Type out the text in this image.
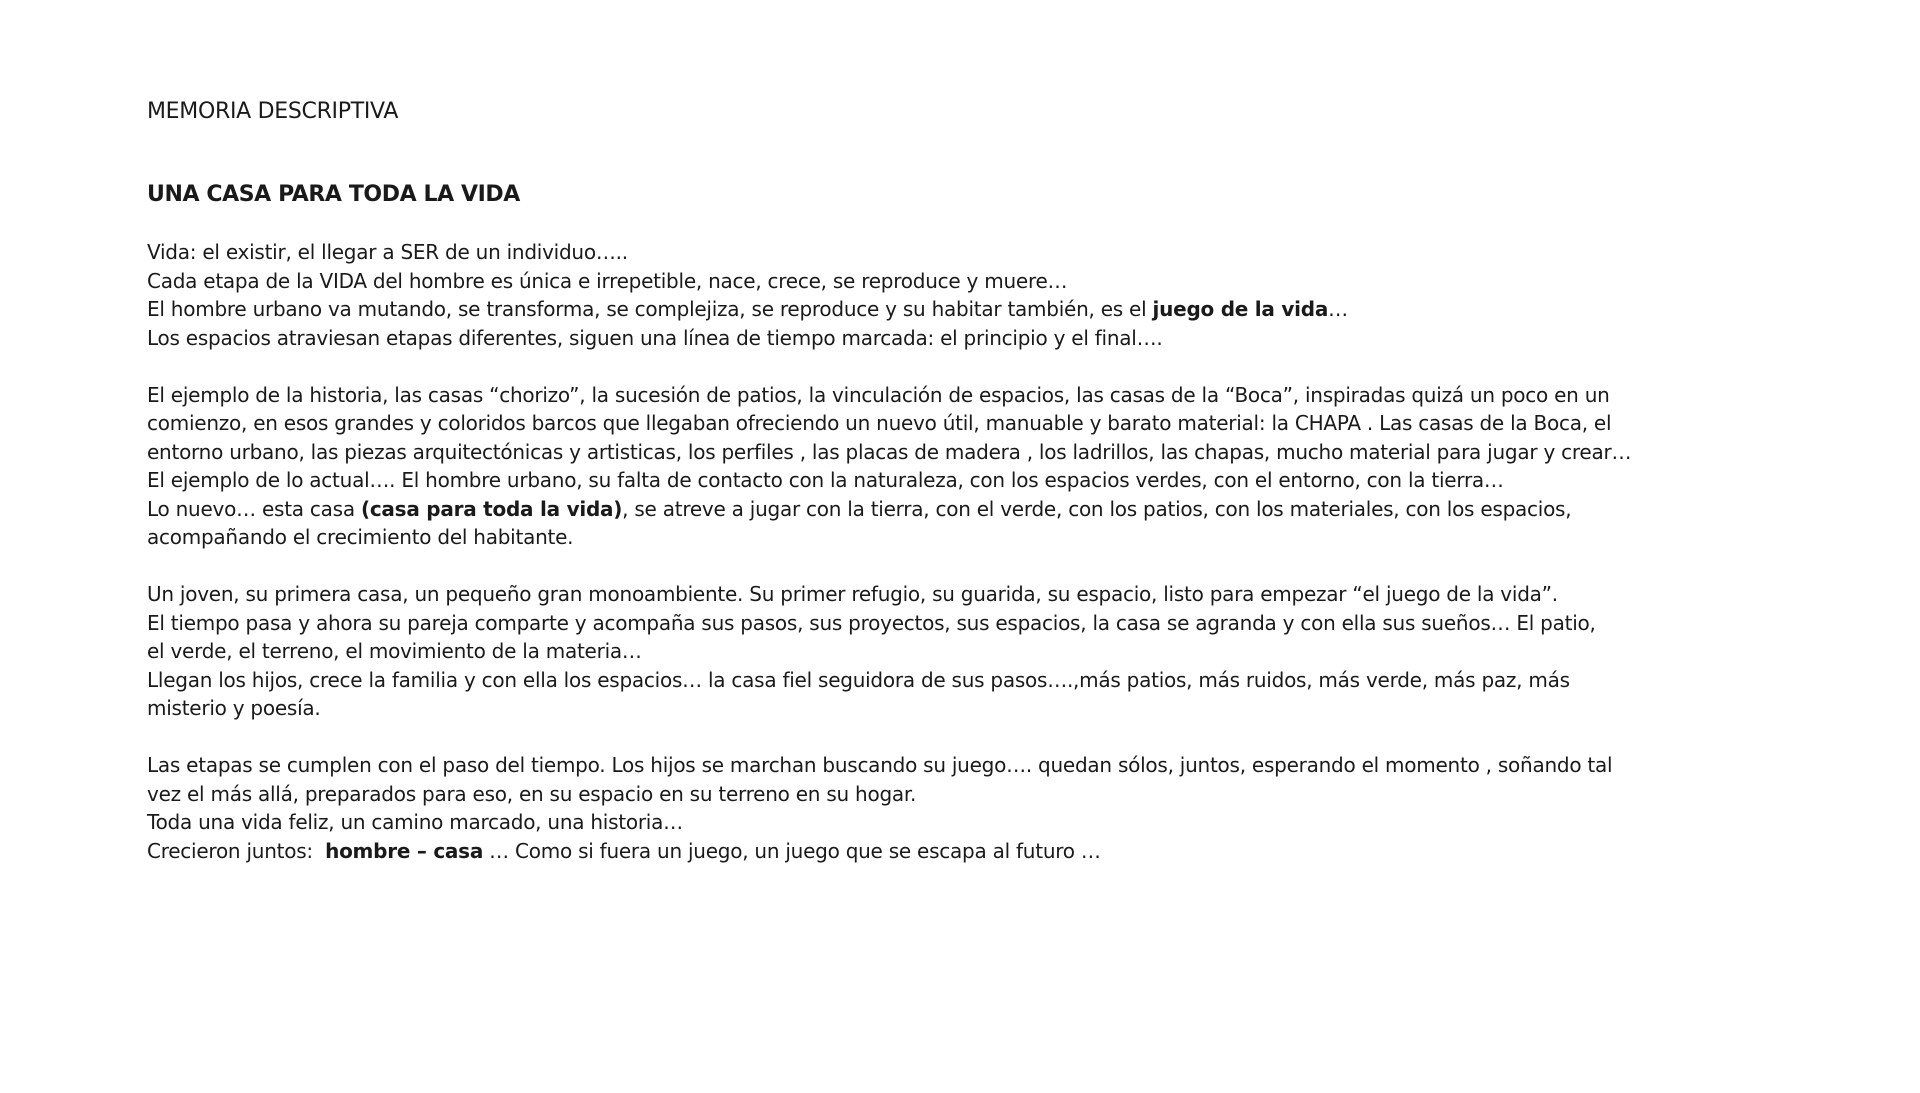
MEMORIA DESCRIPTIVA
UNA CASA PARA TODA LA VIDA

Vida: el existir, el llegar a SER de un individuo…..

Cada etapa de la VIDA del hombre es única e irrepetible, nace, crece, se reproduce y muere…

El hombre urbano va mutando, se transforma, se complejiza, se reproduce y su habitar también, es el juego de la vida…

Los espacios atraviesan etapas diferentes, siguen una línea de tiempo marcada: el principio y el final….

El ejemplo de la historia, las casas “chorizo”, la sucesión de patios, la vinculación de espacios, las casas de la “Boca”, inspiradas quizá un poco en un

comienzo, en esos grandes y coloridos barcos que llegaban ofreciendo un nuevo útil, manuable y barato material: la CHAPA . Las casas de la Boca, el

entorno urbano, las piezas arquitectónicas y artisticas, los perfiles , las placas de madera , los ladrillos, las chapas, mucho material para jugar y crear…

El ejemplo de lo actual…. El hombre urbano, su falta de contacto con la naturaleza, con los espacios verdes, con el entorno, con la tierra…

Lo nuevo… esta casa (casa para toda la vida), se atreve a jugar con la tierra, con el verde, con los patios, con los materiales, con los espacios,

acompañando el crecimiento del habitante.

Un joven, su primera casa, un pequeño gran monoambiente. Su primer refugio, su guarida, su espacio, listo para empezar “el juego de la vida”.

El tiempo pasa y ahora su pareja comparte y acompaña sus pasos, sus proyectos, sus espacios, la casa se agranda y con ella sus sueños… El patio,

el verde, el terreno, el movimiento de la materia…

Llegan los hijos, crece la familia y con ella los espacios… la casa fiel seguidora de sus pasos….,más patios, más ruidos, más verde, más paz, más

misterio y poesía.

Las etapas se cumplen con el paso del tiempo. Los hijos se marchan buscando su juego…. quedan sólos, juntos, esperando el momento , soñando tal

vez el más allá, preparados para eso, en su espacio en su terreno en su hogar.

Toda una vida feliz, un camino marcado, una historia…

Crecieron juntos:  hombre – casa … Como si fuera un juego, un juego que se escapa al futuro …
